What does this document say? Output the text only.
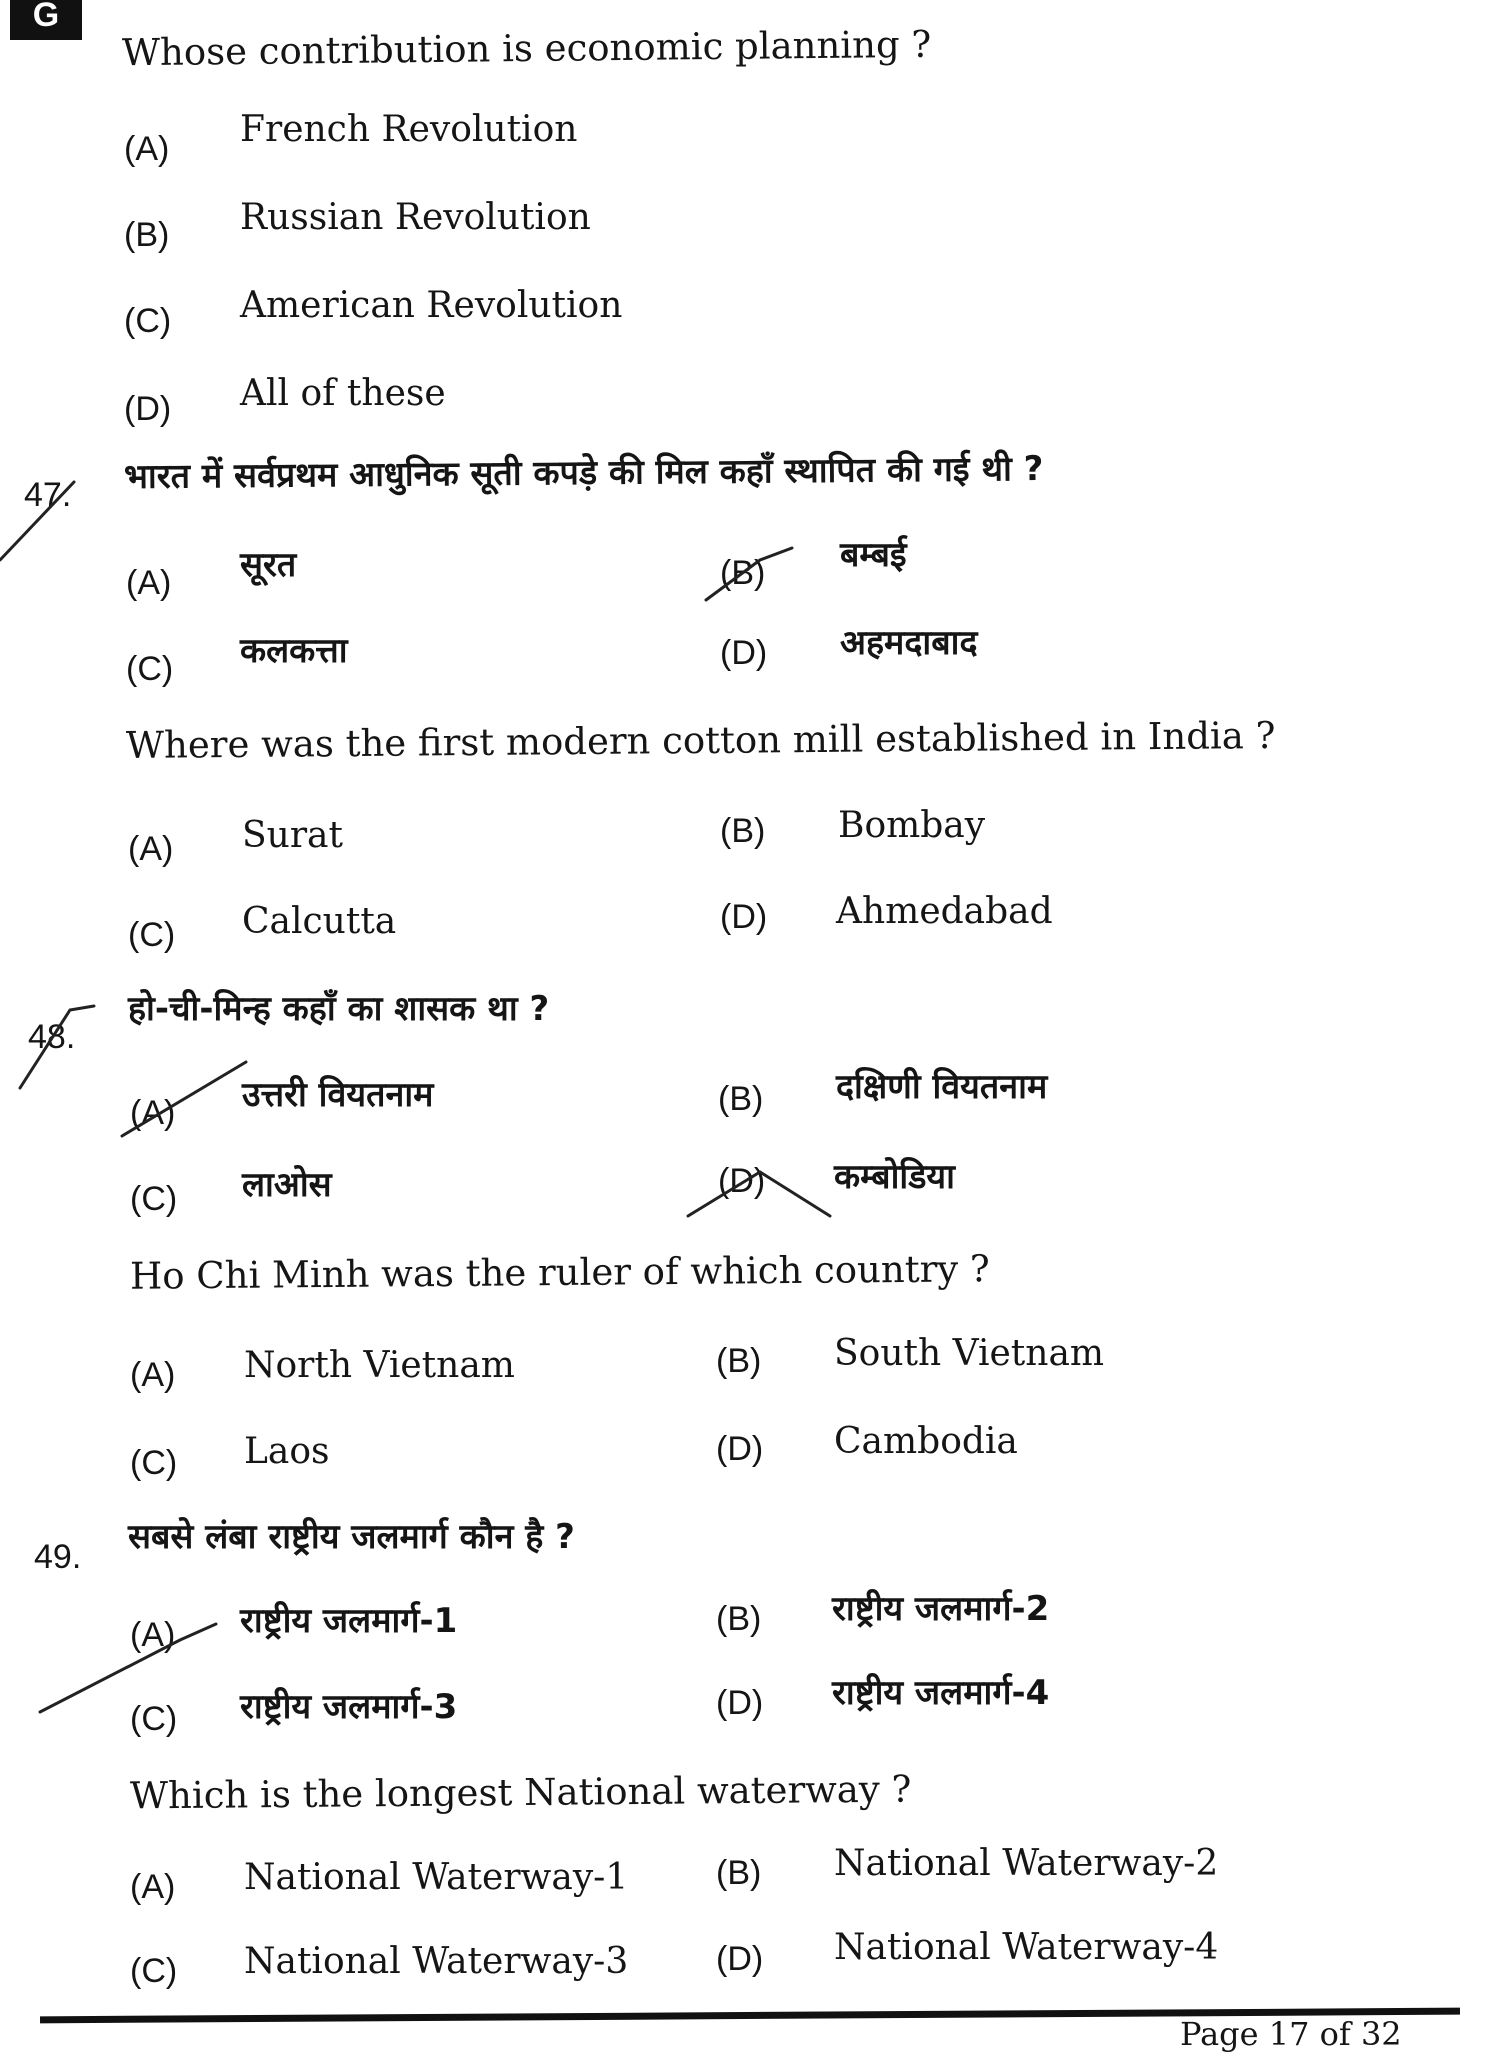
G
Whose contribution is economic planning ?
(A) French Revolution
(B) Russian Revolution
(C) American Revolution
(D) All of these
47. भारत में सर्वप्रथम आधुनिक सूती कपड़े की मिल कहाँ स्थापित की गई थी ?
(A) सूरत	(B) बम्बई
(C) कलकत्ता	(D) अहमदाबाद
Where was the first modern cotton mill established in India ?
(A) Surat	(B) Bombay
(C) Calcutta	(D) Ahmedabad
48.
हो-ची-मिन्ह कहाँ का शासक था ?
(A) उत्तरी वियतनाम	(B) दक्षिणी वियतनाम
(C) लाओस	(D) कम्बोडिया
Ho Chi Minh was the ruler of which country ?
(A) North Vietnam	(B) South Vietnam
(C) Laos	(D) Cambodia
49. सबसे लंबा राष्ट्रीय जलमार्ग कौन है ?
(A) राष्ट्रीय जलमार्ग-1	(B) राष्ट्रीय जलमार्ग-2
(C) राष्ट्रीय जलमार्ग-3	(D) राष्ट्रीय जलमार्ग-4
Which is the longest National waterway ?
(A) National Waterway-1	(B) National Waterway-2
(C) National Waterway-3	(D) National Waterway-4
Page 17 of 32
